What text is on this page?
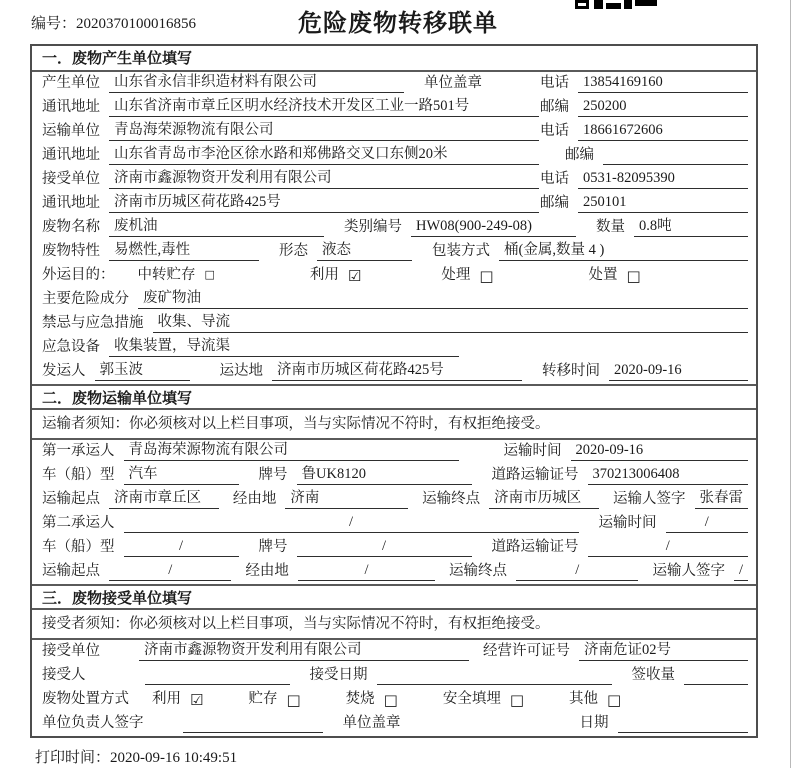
编号：2020370100016856	危险废物转移联单
一．废物产生单位填写
产生单位 山东省永信非织造材料有限公司	单位盖章	电话 13854169160
通讯地址 山东省济南市章丘区明水经济技术开发区工业一路501号	邮编 250200
运输单位 青岛海荣源物流有限公司	电话 18661672606
通讯地址 山东省青岛市李沧区徐水路和郑佛路交叉口东侧20米	邮编
接受单位 济南市鑫源物资开发利用有限公司	电话 0531-82095390
通讯地址 济南市历城区荷花路425号	邮编 250101
废物名称 废机油	类别编号 HW08(900-249-08)	数量 0.8吨
废物特性 易燃性,毒性	形态 液态	包装方式 桶(金属,数量 4 )
外运目的： 中转贮存 □	利用 ☑	处理 □	处置 □
主要危险成分 废矿物油
禁忌与应急措施 收集、导流
应急设备 收集装置，导流渠
发运人 郭玉波	运达地 济南市历城区荷花路425号	转移时间 2020-09-16
二．废物运输单位填写
运输者须知：你必须核对以上栏目事项，当与实际情况不符时，有权拒绝接受。
第一承运人 青岛海荣源物流有限公司	运输时间 2020-09-16
车（船）型 汽车	牌号 鲁UK8120	道路运输证号 370213006408
运输起点 济南市章丘区	经由地 济南	运输终点 济南市历城区	运输人签字 张春雷
第二承运人	/	运输时间	/
车（船）型	/	牌号	/	道路运输证号	/
运输起点	/	经由地	/	运输终点	/	运输人签字 /
三．废物接受单位填写
接受者须知：你必须核对以上栏目事项，当与实际情况不符时，有权拒绝接受。
接受单位	济南市鑫源物资开发利用有限公司	经营许可证号 济南危证02号
接受人	接受日期	签收量
废物处置方式 利用 ☑	贮存 □	焚烧 □	安全填埋 □	其他 □
单位负责人签字	单位盖章	日期
打印时间：2020-09-16 10:49:51
